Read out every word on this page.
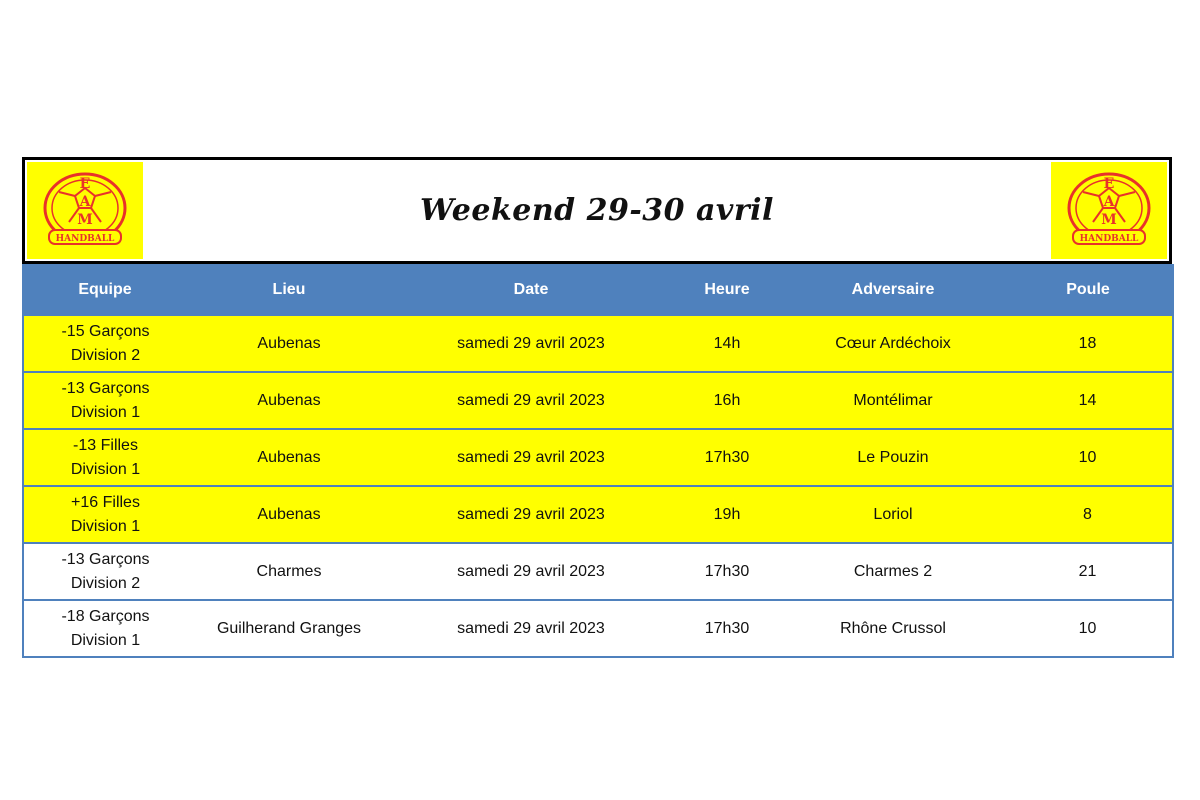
E
A
M
HANDBALL
Weekend 29-30 avril
E
A
M
HANDBALL
Equipe	Lieu	Date	Heure	Adversaire	Poule

-15 Garçons
Division 2	Aubenas	samedi 29 avril 2023	14h	Cœur Ardéchoix	18

-13 Garçons
Division 1	Aubenas	samedi 29 avril 2023	16h	Montélimar	14

-13 Filles
Division 1	Aubenas	samedi 29 avril 2023	17h30	Le Pouzin	10

+16 Filles
Division 1	Aubenas	samedi 29 avril 2023	19h	Loriol	8

-13 Garçons
Division 2	Charmes	samedi 29 avril 2023	17h30	Charmes 2	21

-18 Garçons
Division 1	Guilherand Granges	samedi 29 avril 2023	17h30	Rhône Crussol	10
